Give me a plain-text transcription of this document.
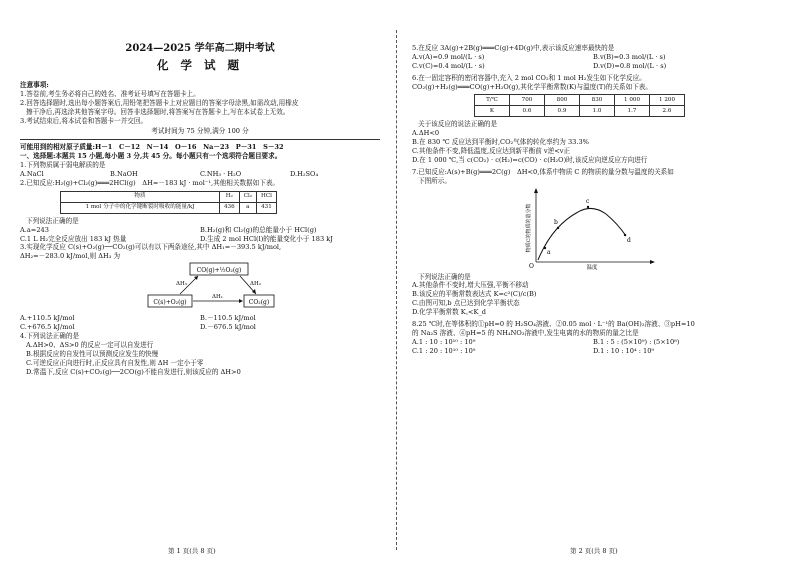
2024—2025 学年高二期中考试
化 学 试 题
注意事项:
1.答卷前,考生务必将自己的姓名、准考证号填写在答题卡上。
2.回答选择题时,选出每小题答案后,用铅笔把答题卡上对应题目的答案字母涂黑,如需改动,用橡皮
擦干净后,再选涂其他答案字母。回答非选择题时,将答案写在答题卡上,写在本试卷上无效。
3.考试结束后,将本试卷和答题卡一并交回。
考试时间为 75 分钟,满分 100 分
可能用到的相对原子质量:H－1　C－12　N－14　O－16　Na－23　P－31　S－32
一、选择题:本题共 15 小题,每小题 3 分,共 45 分。每小题只有一个选项符合题目要求。
1.下列物质属于弱电解质的是
A.NaCl	B.NaOH	C.NH₃ · H₂O	D.H₂SO₄
2.已知反应:H₂(g)+Cl₂(g)═══2HCl(g)　ΔH=－183 kJ · mol⁻¹,其他相关数据如下表。
物质	H₂	Cl₂	HCl
1 mol 分子中的化学键断裂时吸收的能量/kJ	436	a	431
下列说法正确的是
A.a=243	B.H₂(g)和 Cl₂(g)的总能量小于 HCl(g)
C.1 L H₂完全反应放出 183 kJ 热量	D.生成 2 mol HCl(l)的能量变化小于 183 kJ
3.实现化学反应 C(s)+O₂(g)──CO₂(g)可以有以下两条途径,其中 ΔH₁=－393.5 kJ/mol,
ΔH₂=－283.0 kJ/mol,则 ΔH₃ 为
CO(g)+½O₂(g)
C(s)+O₂(g)	CO₂(g)
ΔH₃	ΔH₂
ΔH₁
A.+110.5 kJ/mol	B.－110.5 kJ/mol
C.+676.5 kJ/mol	D.－676.5 kJ/mol
4.下列说法正确的是
A.ΔH>0、ΔS>0 的反应一定可以自发进行
B.根据反应的自发性可以预测反应发生的快慢
C.可逆反应正向进行时,正反应具有自发性,则 ΔH 一定小于零
D.常温下,反应 C(s)+CO₂(g)──2CO(g)不能自发进行,则该反应的 ΔH>0
5.在反应 3A(g)+2B(g)═══C(g)+4D(g)中,表示该反应速率最快的是
A.v(A)=0.9 mol/(L · s)	B.v(B)=0.3 mol/(L · s)
C.v(C)=0.4 mol/(L · s)	D.v(D)=0.8 mol/(L · s)
6.在一固定容积的密闭容器中,充入 2 mol CO₂和 1 mol H₂发生如下化学反应。
CO₂(g)+H₂(g)═══CO(g)+H₂O(g),其化学平衡常数(K)与温度(T)的关系如下表。
T/℃	700	800	830	1 000	1 200
K	0.6	0.9	1.0	1.7	2.6
关于该反应的说法正确的是
A.ΔH<0
B.在 830 ℃ 反应达到平衡时,CO₂气体的转化率约为 33.3%
C.其他条件不变,降低温度,反应达到新平衡前 v逆<v正
D.在 1 000 ℃,当 c(CO₂) · c(H₂)=c(CO) · c(H₂O)时,该反应向逆反应方向进行
7.已知反应:A(s)+B(g)═══2C(g)　ΔH<0,体系中物质 C 的物质的量分数与温度的关系如
下图所示。
a
b
c
d
O	温度
物质C的物质的量分数
下列说法正确的是
A.其他条件不变时,增大压强,平衡不移动
B.该反应的平衡常数表达式 K=c²(C)/c(B)
C.由图可知,b 点已达到化学平衡状态
D.化学平衡常数 K꜀<K_d
8.25 ℃时,在等体积的①pH=0 的 H₂SO₄溶液、②0.05 mol · L⁻¹的 Ba(OH)₂溶液、③pH=10
的 Na₂S 溶液、④pH=5 的 NH₄NO₃溶液中,发生电离的水的物质的量之比是
A.1 : 10 : 10¹⁰ : 10⁹	B.1 : 5 : (5×10⁹) : (5×10⁸)
C.1 : 20 : 10¹⁰ : 10⁹	D.1 : 10 : 10⁴ : 10⁹
第 1 页(共 8 页)	第 2 页(共 8 页)
